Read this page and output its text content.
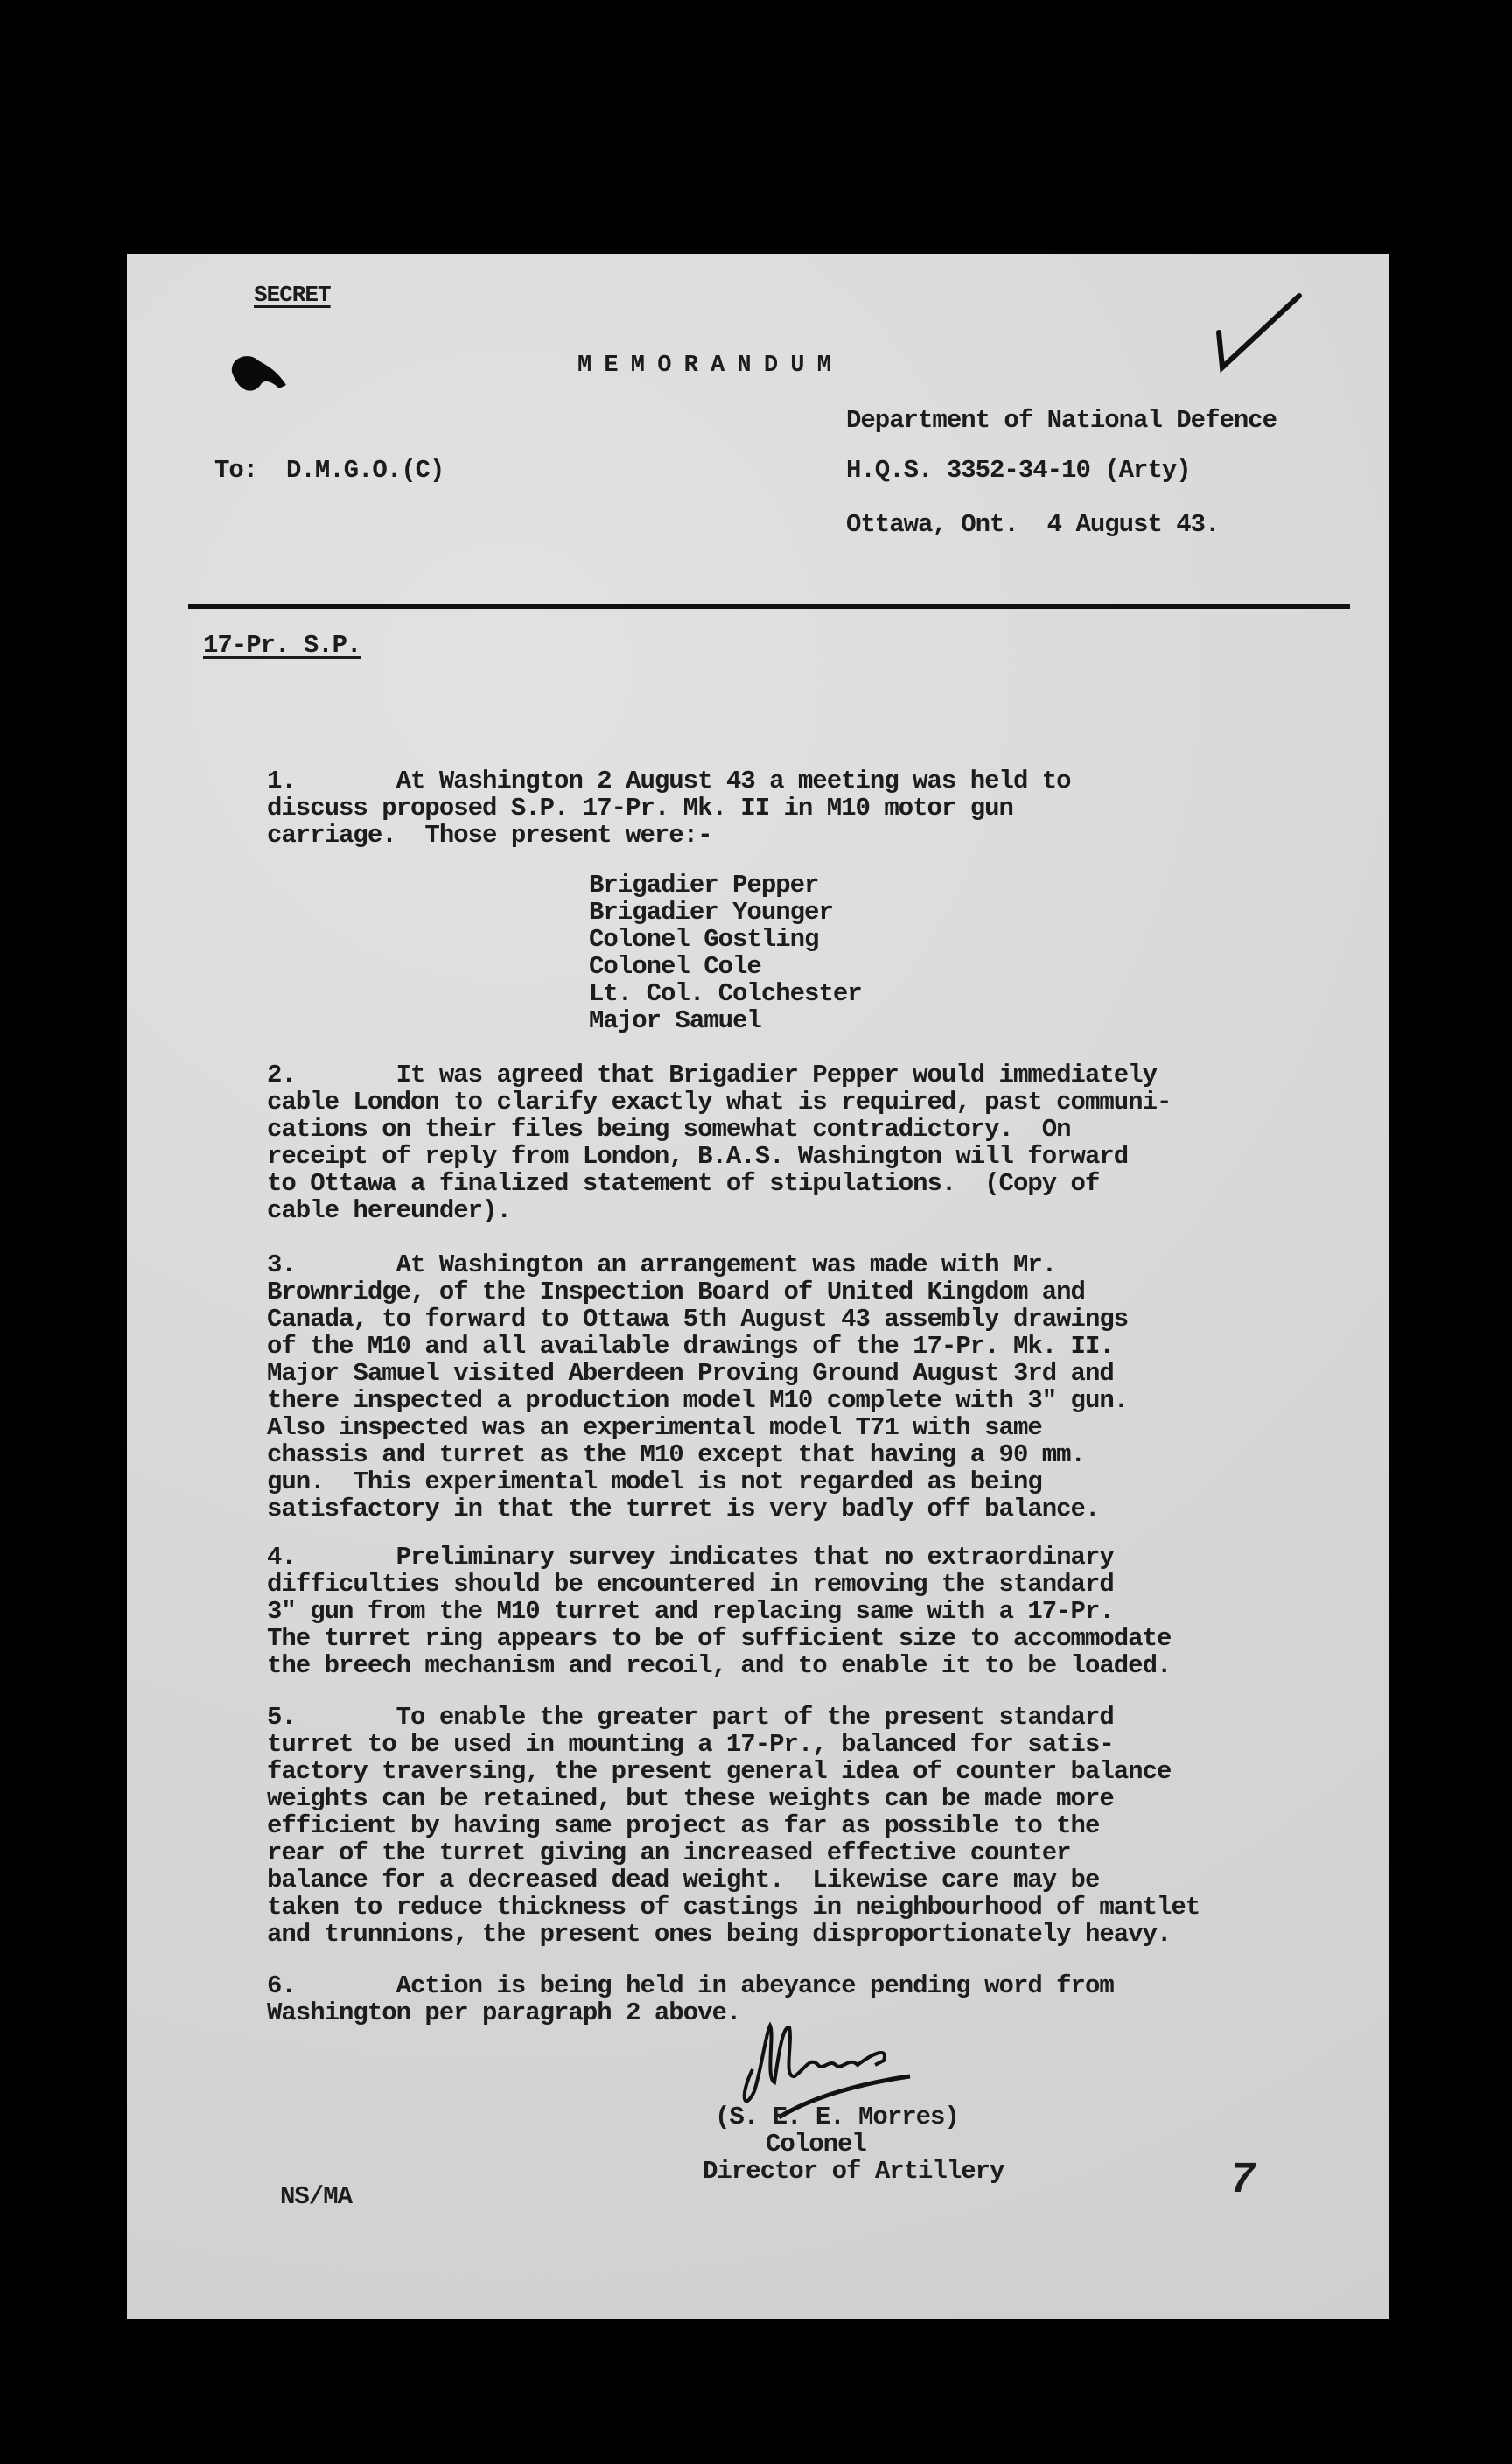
SECRET
M E M O R A N D U M
Department of National Defence
To:  D.M.G.O.(C)	H.Q.S. 3352-34-10 (Arty)
Ottawa, Ont.  4 August 43.
17-Pr. S.P.

1.       At Washington 2 August 43 a meeting was held to
discuss proposed S.P. 17-Pr. Mk. II in M10 motor gun
carriage.  Those present were:-

Brigadier Pepper
Brigadier Younger
Colonel Gostling
Colonel Cole
Lt. Col. Colchester
Major Samuel

2.       It was agreed that Brigadier Pepper would immediately
cable London to clarify exactly what is required, past communi-
cations on their files being somewhat contradictory.  On
receipt of reply from London, B.A.S. Washington will forward
to Ottawa a finalized statement of stipulations.  (Copy of
cable hereunder).

3.       At Washington an arrangement was made with Mr.
Brownridge, of the Inspection Board of United Kingdom and
Canada, to forward to Ottawa 5th August 43 assembly drawings
of the M10 and all available drawings of the 17-Pr. Mk. II.
Major Samuel visited Aberdeen Proving Ground August 3rd and
there inspected a production model M10 complete with 3" gun.
Also inspected was an experimental model T71 with same
chassis and turret as the M10 except that having a 90 mm.
gun.  This experimental model is not regarded as being
satisfactory in that the turret is very badly off balance.

4.       Preliminary survey indicates that no extraordinary
difficulties should be encountered in removing the standard
3" gun from the M10 turret and replacing same with a 17-Pr.
The turret ring appears to be of sufficient size to accommodate
the breech mechanism and recoil, and to enable it to be loaded.

5.       To enable the greater part of the present standard
turret to be used in mounting a 17-Pr., balanced for satis-
factory traversing, the present general idea of counter balance
weights can be retained, but these weights can be made more
efficient by having same project as far as possible to the
rear of the turret giving an increased effective counter
balance for a decreased dead weight.  Likewise care may be
taken to reduce thickness of castings in neighbourhood of mantlet
and trunnions, the present ones being disproportionately heavy.

6.       Action is being held in abeyance pending word from
Washington per paragraph 2 above.

(S. E. E. Morres)
Colonel
Director of Artillery
NS/MA	7
